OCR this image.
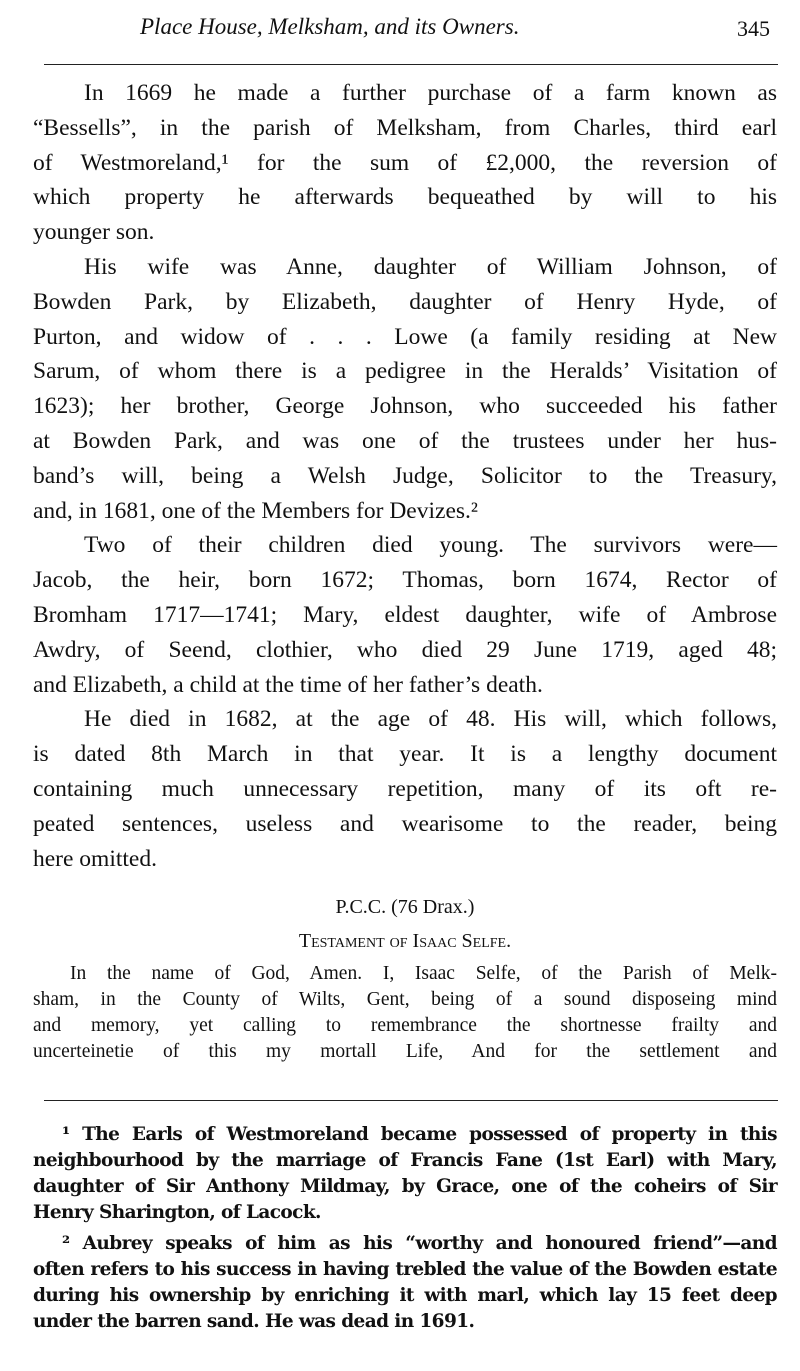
Place House, Melksham, and its Owners.	345
P.C.C. (76 Drax.)
Testament of Isaac Selfe.
In 1669 he made a further purchase of a farm known as
“Bessells”, in the parish of Melksham, from Charles, third earl
of Westmoreland,¹ for the sum of £2,000, the reversion of
which property he afterwards bequeathed by will to his
younger son.
His wife was Anne, daughter of William Johnson, of
Bowden Park, by Elizabeth, daughter of Henry Hyde, of
Purton, and widow of . . . Lowe (a family residing at New
Sarum, of whom there is a pedigree in the Heralds’ Visitation of
1623); her brother, George Johnson, who succeeded his father
at Bowden Park, and was one of the trustees under her hus-
band’s will, being a Welsh Judge, Solicitor to the Treasury,
and, in 1681, one of the Members for Devizes.²
Two of their children died young. The survivors were—
Jacob, the heir, born 1672; Thomas, born 1674, Rector of
Bromham 1717—1741; Mary, eldest daughter, wife of Ambrose
Awdry, of Seend, clothier, who died 29 June 1719, aged 48;
and Elizabeth, a child at the time of her father’s death.
He died in 1682, at the age of 48. His will, which follows,
is dated 8th March in that year. It is a lengthy document
containing much unnecessary repetition, many of its oft re-
peated sentences, useless and wearisome to the reader, being
here omitted.
In the name of God, Amen. I, Isaac Selfe, of the Parish of Melk-
sham, in the County of Wilts, Gent, being of a sound disposeing mind
and memory, yet calling to remembrance the shortnesse frailty and
uncerteinetie of this my mortall Life, And for the settlement and
¹ The Earls of Westmoreland became possessed of property in this
neighbourhood by the marriage of Francis Fane (1st Earl) with Mary,
daughter of Sir Anthony Mildmay, by Grace, one of the coheirs of Sir
Henry Sharington, of Lacock.
² Aubrey speaks of him as his “worthy and honoured friend”—and
often refers to his success in having trebled the value of the Bowden estate
during his ownership by enriching it with marl, which lay 15 feet deep
under the barren sand. He was dead in 1691.
